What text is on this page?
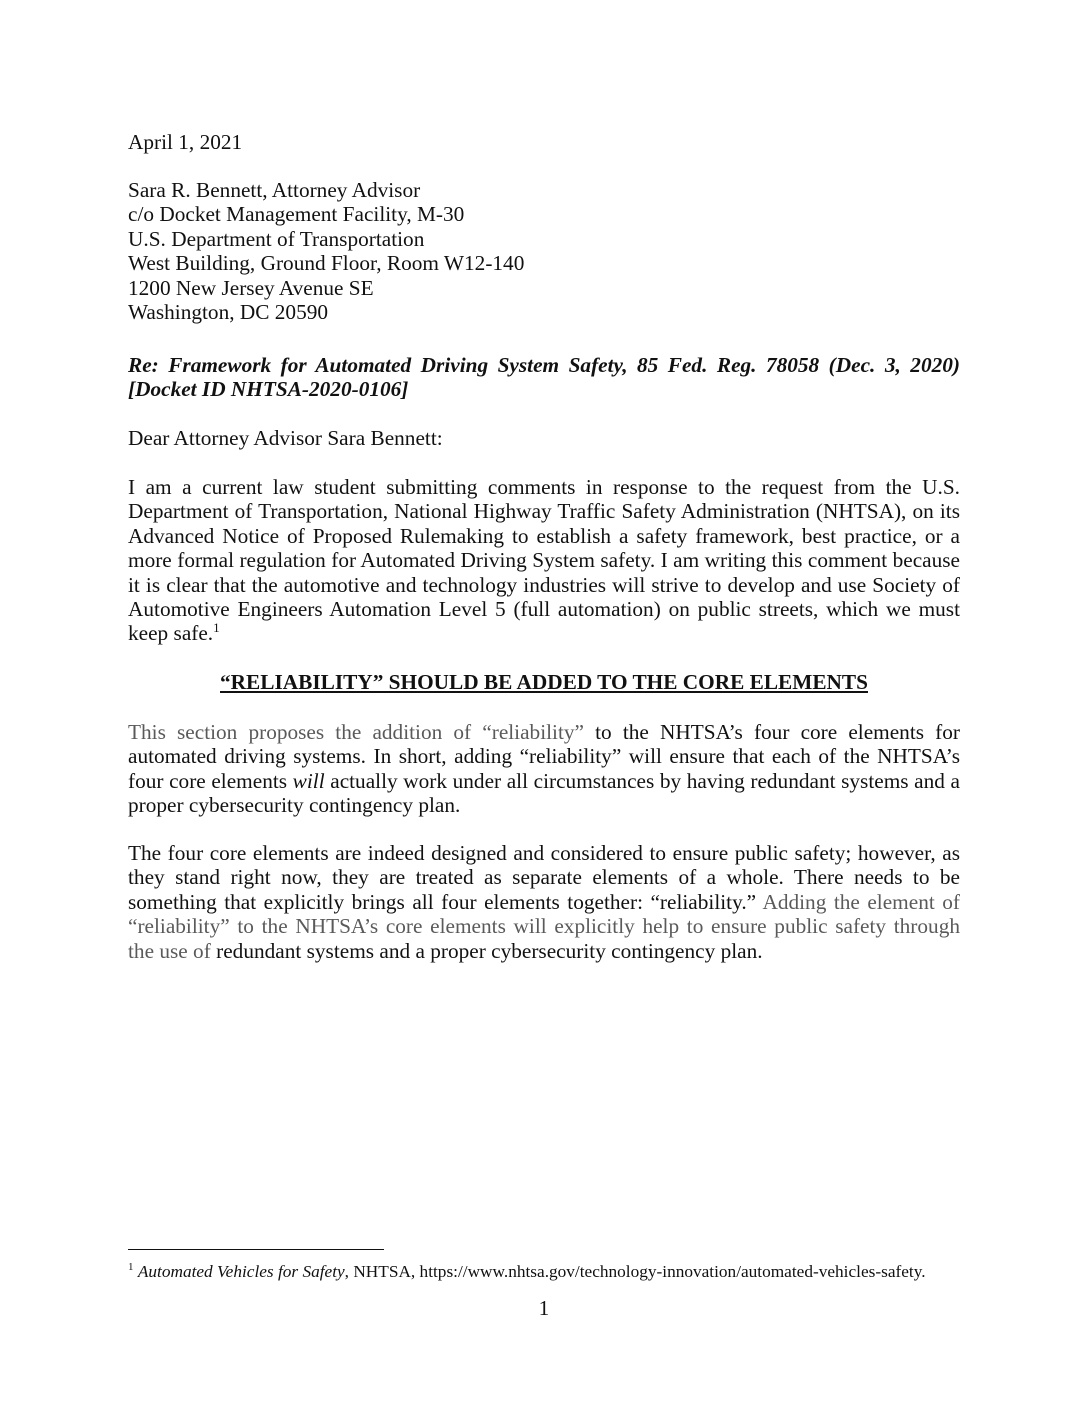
April 1, 2021
Sara R. Bennett, Attorney Advisor
c/o Docket Management Facility, M-30
U.S. Department of Transportation
West Building, Ground Floor, Room W12-140
1200 New Jersey Avenue SE
Washington, DC 20590
Re: Framework for Automated Driving System Safety, 85 Fed. Reg. 78058 (Dec. 3, 2020) [Docket ID NHTSA-2020-0106]
Dear Attorney Advisor Sara Bennett:
I am a current law student submitting comments in response to the request from the U.S. Department of Transportation, National Highway Traffic Safety Administration (NHTSA), on its Advanced Notice of Proposed Rulemaking to establish a safety framework, best practice, or a more formal regulation for Automated Driving System safety. I am writing this comment because it is clear that the automotive and technology industries will strive to develop and use Society of Automotive Engineers Automation Level 5 (full automation) on public streets, which we must keep safe.$^1$
“RELIABILITY” SHOULD BE ADDED TO THE CORE ELEMENTS
This section proposes the addition of “reliability” to the NHTSA’s four core elements for automated driving systems. In short, adding “reliability” will ensure that each of the NHTSA’s four core elements will actually work under all circumstances by having redundant systems and a proper cybersecurity contingency plan.
The four core elements are indeed designed and considered to ensure public safety; however, as they stand right now, they are treated as separate elements of a whole. There needs to be something that explicitly brings all four elements together: “reliability.” Adding the element of “reliability” to the NHTSA’s core elements will explicitly help to ensure public safety through the use of redundant systems and a proper cybersecurity contingency plan.
$^1$ Automated Vehicles for Safety, NHTSA, https://www.nhtsa.gov/technology-innovation/automated-vehicles-safety.
1
